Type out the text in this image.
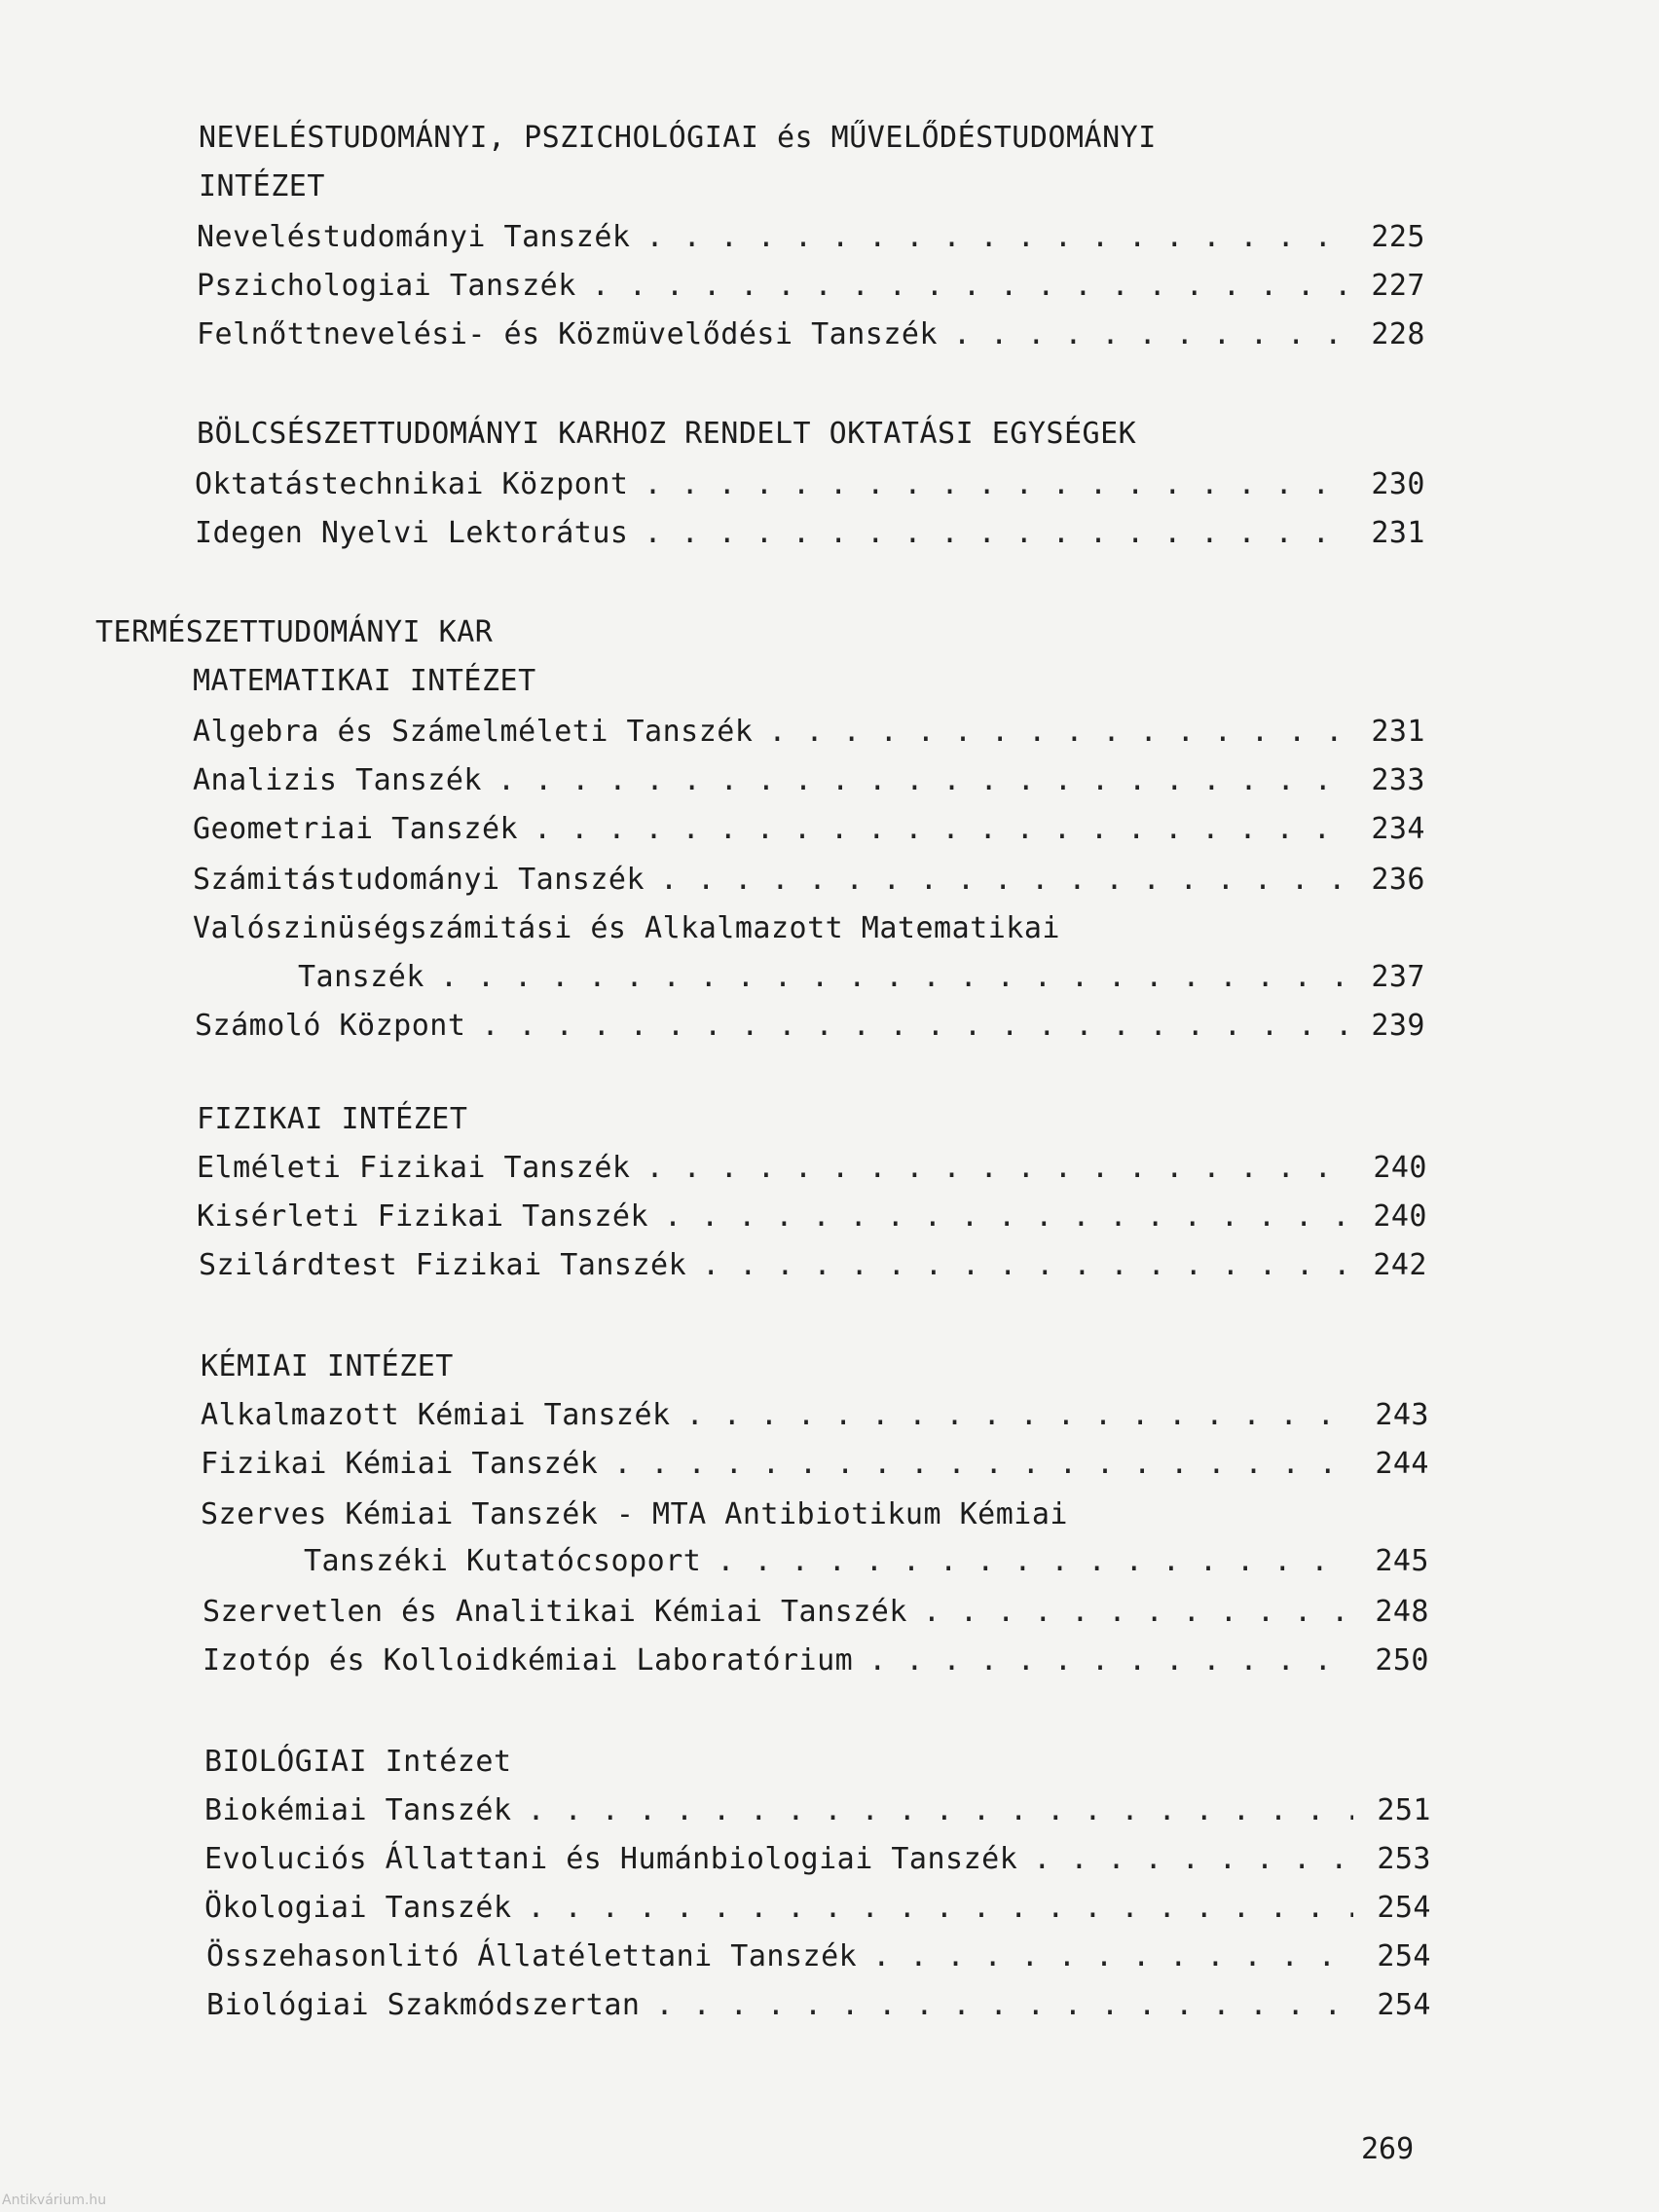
NEVELÉSTUDOMÁNYI, PSZICHOLÓGIAI és MŰVELŐDÉSTUDOMÁNYI
INTÉZET
Neveléstudományi Tanszék . . .	225
Pszichologiai Tanszék . . .	227
Felnőttnevelési- és Közmüvelődési Tanszék . . .	228
BÖLCSÉSZETTUDOMÁNYI KARHOZ RENDELT OKTATÁSI EGYSÉGEK
Oktatástechnikai Központ . . .	230
Idegen Nyelvi Lektorátus . . .	231
TERMÉSZETTUDOMÁNYI KAR
MATEMATIKAI INTÉZET
Algebra és Számelméleti Tanszék . . .	231
Analizis Tanszék . . .	233
Geometriai Tanszék . . .	234
Számitástudományi Tanszék . . .	236
Valószinüségszámitási és Alkalmazott Matematikai
Tanszék . . .	237
Számoló Központ . . .	239
FIZIKAI INTÉZET
Elméleti Fizikai Tanszék . . .	240
Kisérleti Fizikai Tanszék . . .	240
Szilárdtest Fizikai Tanszék . . .	242
KÉMIAI INTÉZET
Alkalmazott Kémiai Tanszék . . .	243
Fizikai Kémiai Tanszék . . .	244
Szerves Kémiai Tanszék - MTA Antibiotikum Kémiai
Tanszéki Kutatócsoport . . .	245
Szervetlen és Analitikai Kémiai Tanszék . . .	248
Izotóp és Kolloidkémiai Laboratórium . . .	250
BIOLÓGIAI Intézet
Biokémiai Tanszék . . .	251
Evoluciós Állattani és Humánbiologiai Tanszék . . .	253
Ökologiai Tanszék . . .	254
Összehasonlitó Állatélettani Tanszék . . .	254
Biológiai Szakmódszertan . . .	254
269
Antikvárium.hu
